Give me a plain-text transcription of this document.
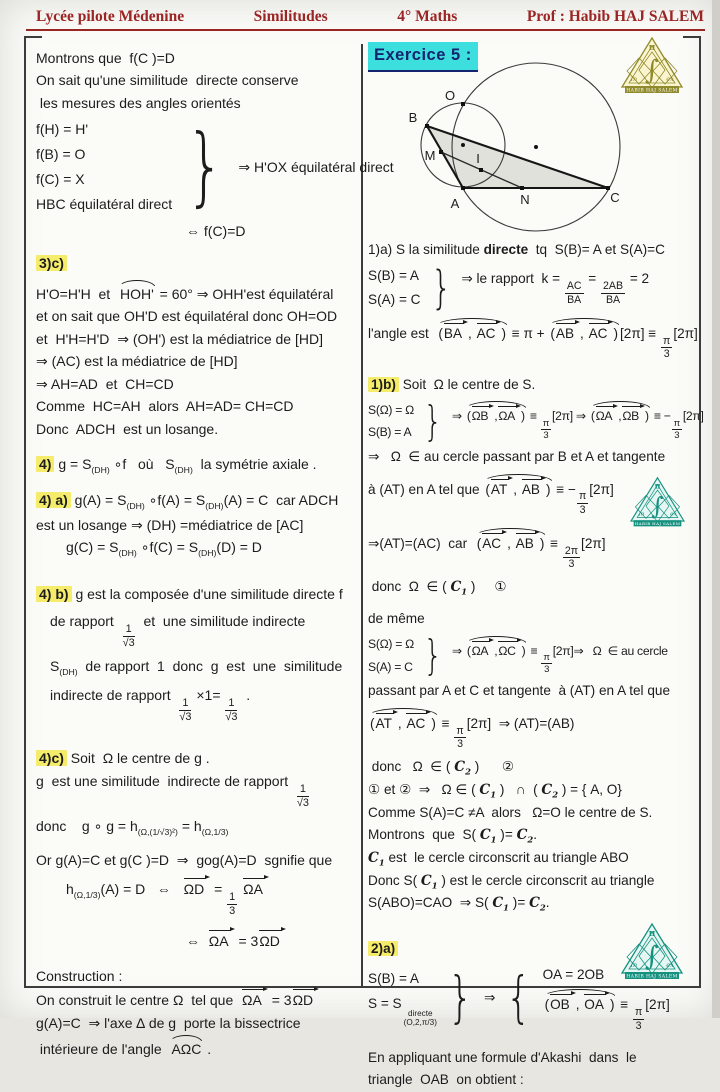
Lycée pilote Médenine	Similitudes	4° Maths	Prof : Habib HAJ SALEM
Montrons que  f(C )=D
On sait qu'une similitude  directe conserve
les mesures des angles orientés
f(H) = H'
f(B) = O
f(C) = X
HBC équilatéral direct } ⇒ H'OX équilatéral direct
⇔ f(C)=D
3)c)
H'O=H'H  et  HOH' = 60° ⇒ OHH'est équilatéral
et on sait que OH'D est équilatéral donc OH=OD
et  H'H=H'D  ⇒ (OH') est la médiatrice de [HD]
⇒ (AC) est la médiatrice de [HD]
⇒ AH=AD  et  CH=CD
Comme  HC=AH  alors  AH=AD= CH=CD
Donc  ADCH  est un losange.
4) $g = S_{(DH)}$ ∘f   où   $S_{(DH)}$  la symétrie axiale .
4) a) $g(A) = S_{(DH)}$ ∘f(A) = $S_{(DH)}(A) = C$  car ADCH
est un losange ⇒ (DH) =médiatrice de [AC]
$g(C) = S_{(DH)}$ ∘f(C) = $S_{(DH)}(D) = D$
4) b) g est la composée d'une similitude directe f
de rapport
$\frac{1}{√3}$
et  une similitude indirecte
$S_{(DH)}$  de rapport  1  donc  g  est  une  similitude
indirecte de rapport
$\frac{1}{√3}$
×1=
$\frac{1}{√3}$
.
4)c) Soit  Ω le centre de g .
g  est une similitude  indirecte de rapport
$\frac{1}{√3}$
donc    g ∘ $g = h_{(\Omega,(1/√3)^2)} = h_{(\Omega,1/3)}$
Or g(A)=C et g(C )=D  ⇒  gog(A)=D  sgnifie que
$h_{(\Omega,1/3)}(A) = D$   ⇔   ΩD =
$\frac{1}{3}$
ΩA
⇔  ΩA = 3ΩD
Construction :
On construit le centre Ω  tel que  ΩA = 3ΩD
g(A)=C  ⇒ l'axe ∆ de g  porte la bissectrice
intérieure de l'angle  AΩC .
Exercice 5 :
O
B
M	I
A	N	C
1)a) S la similitude directe  tq  S(B)= A et S(A)=C
S(B) = A
S(A) = C } ⇒ le rapport  k =
$\frac{AC}{BA}$
=
$\frac{2AB}{BA}$
= 2
l'angle est  (BA , AC ) ≡ π + (AB , AC ) [2π] ≡
$\frac{\pi}{3}$
[2π]
1)b) Soit  Ω le centre de S.
S(Ω) = Ω
S(B) = A } ⇒ (ΩB ,ΩA ) ≡
$\frac{\pi}{3}$
[2π] ⇒ (ΩA ,ΩB ) ≡ −
$\frac{\pi}{3}$
[2π]
⇒   Ω  ∈ au cercle passant par B et A et tangente
à (AT) en A tel que (AT , AB ) ≡ −
$\frac{\pi}{3}$
[2π]
⇒(AT)=(AC)  car  (AC , AB ) ≡
$\frac{2\pi}{3}$
[2π]
donc  Ω  ∈ ( $C_1$ )     ①
de même
S(Ω) = Ω
S(A) = C } ⇒ (ΩA ,ΩC ) ≡
$\frac{\pi}{3}$
[2π]⇒   Ω  ∈ au cercle
passant par A et C et tangente  à (AT) en A tel que
(AT , AC ) ≡
$\frac{\pi}{3}$
[2π]  ⇒ (AT)=(AB)
donc   Ω  ∈ ( $C_2$ )      ②
① et ②  ⇒   Ω ∈ ( $C_1$ )   ∩  ( $C_2$ ) = { A, O}
Comme S(A)=C ≠A  alors   Ω=O le centre de S.
Montrons  que  S( $C_1$ )= $C_2$.
$C_1$ est  le cercle circonscrit au triangle ABO
Donc S( $C_1$ ) est le cercle circonscrit au triangle
S(ABO)=CAO  ⇒ S( $C_1$ )= $C_2$.
2)a)
S(B) = A
S = S
directe
(O,2,π/3) } ⇒ { OA = 2OB
(OB , OA ) ≡
$\frac{\pi}{3}$
[2π]
En appliquant une formule d'Akashi  dans  le
triangle  OAB  on obtient :
π
∫
ln	ex
HABIB HAJ SALEM
π
∫
ln	ex
HABIB HAJ SALEM
π
∫
ln	ex
HABIB HAJ SALEM
